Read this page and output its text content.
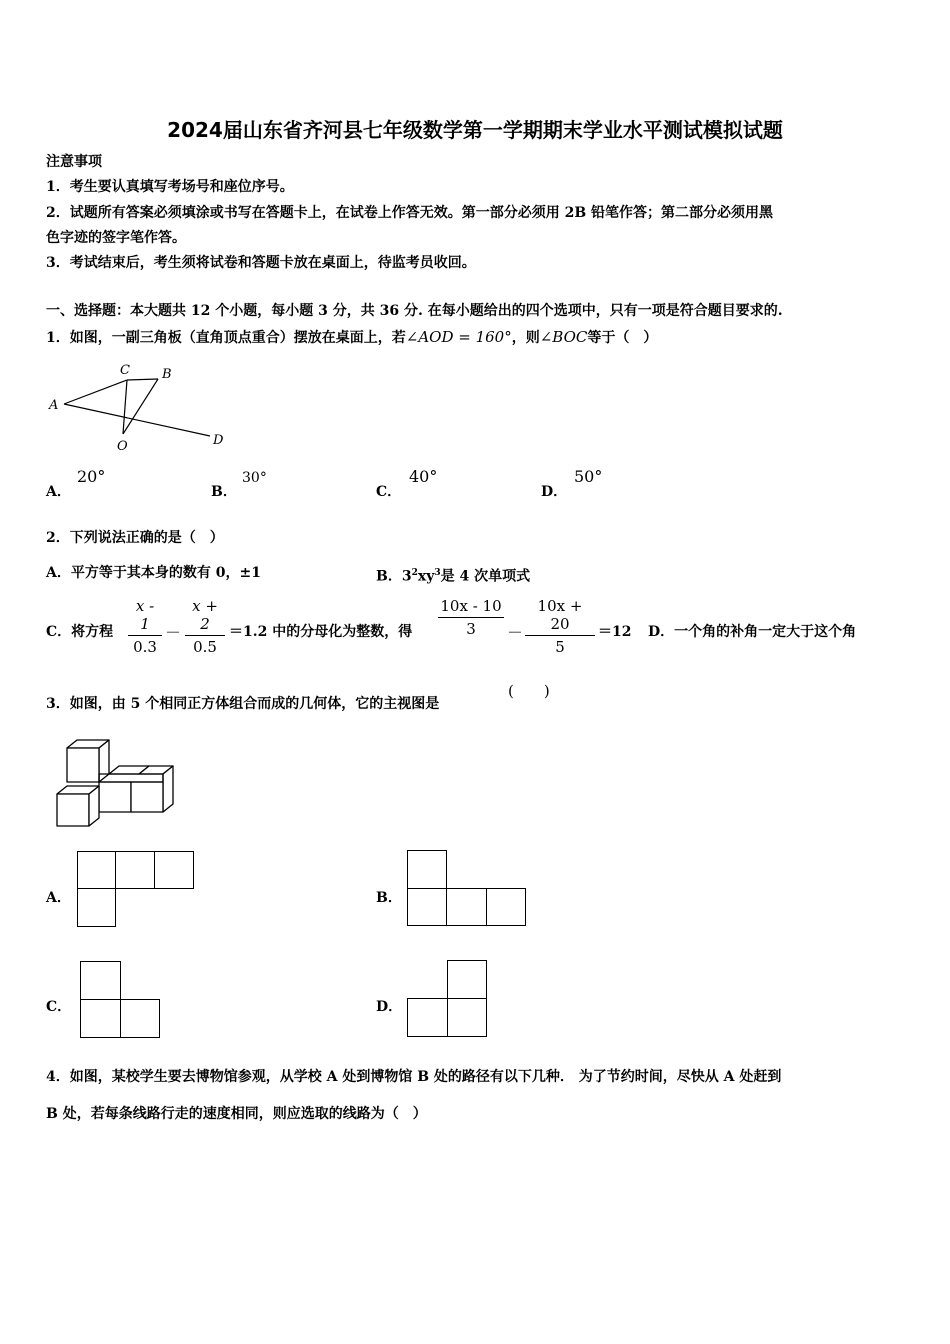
2024届山东省齐河县七年级数学第一学期期末学业水平测试模拟试题
注意事项
1．考生要认真填写考场号和座位序号。
2．试题所有答案必须填涂或书写在答题卡上，在试卷上作答无效。第一部分必须用 2B 铅笔作答；第二部分必须用黑
色字迹的签字笔作答。
3．考试结束后，考生须将试卷和答题卡放在桌面上，待监考员收回。
一、选择题：本大题共 12 个小题，每小题 3 分，共 36 分. 在每小题给出的四个选项中，只有一项是符合题目要求的.
1．如图，一副三角板（直角顶点重合）摆放在桌面上，若∠AOD = 160°，则∠BOC等于（　）
A
C B
O	D
A．
20°
B．
30°
C．
40°
D．
50°
2．下列说法正确的是（　）
A．平方等于其本身的数有 0，±1	B．$3^2xy^3$是 4 次单项式
C．将方程
x - 1
0.3
－
x + 2
0.5
＝1.2 中的分母化为整数，得
10x - 10
3	－
10x + 20
5
＝12 D．一个角的补角一定大于这个角
3．如图，由 5 个相同正方体组合而成的几何体，它的主视图是
(　　)
A．	B．
C．	D．
4．如图，某校学生要去博物馆参观，从学校 A 处到博物馆 B 处的路径有以下几种． 为了节约时间，尽快从 A 处赶到
B 处，若每条线路行走的速度相同，则应选取的线路为（　）
